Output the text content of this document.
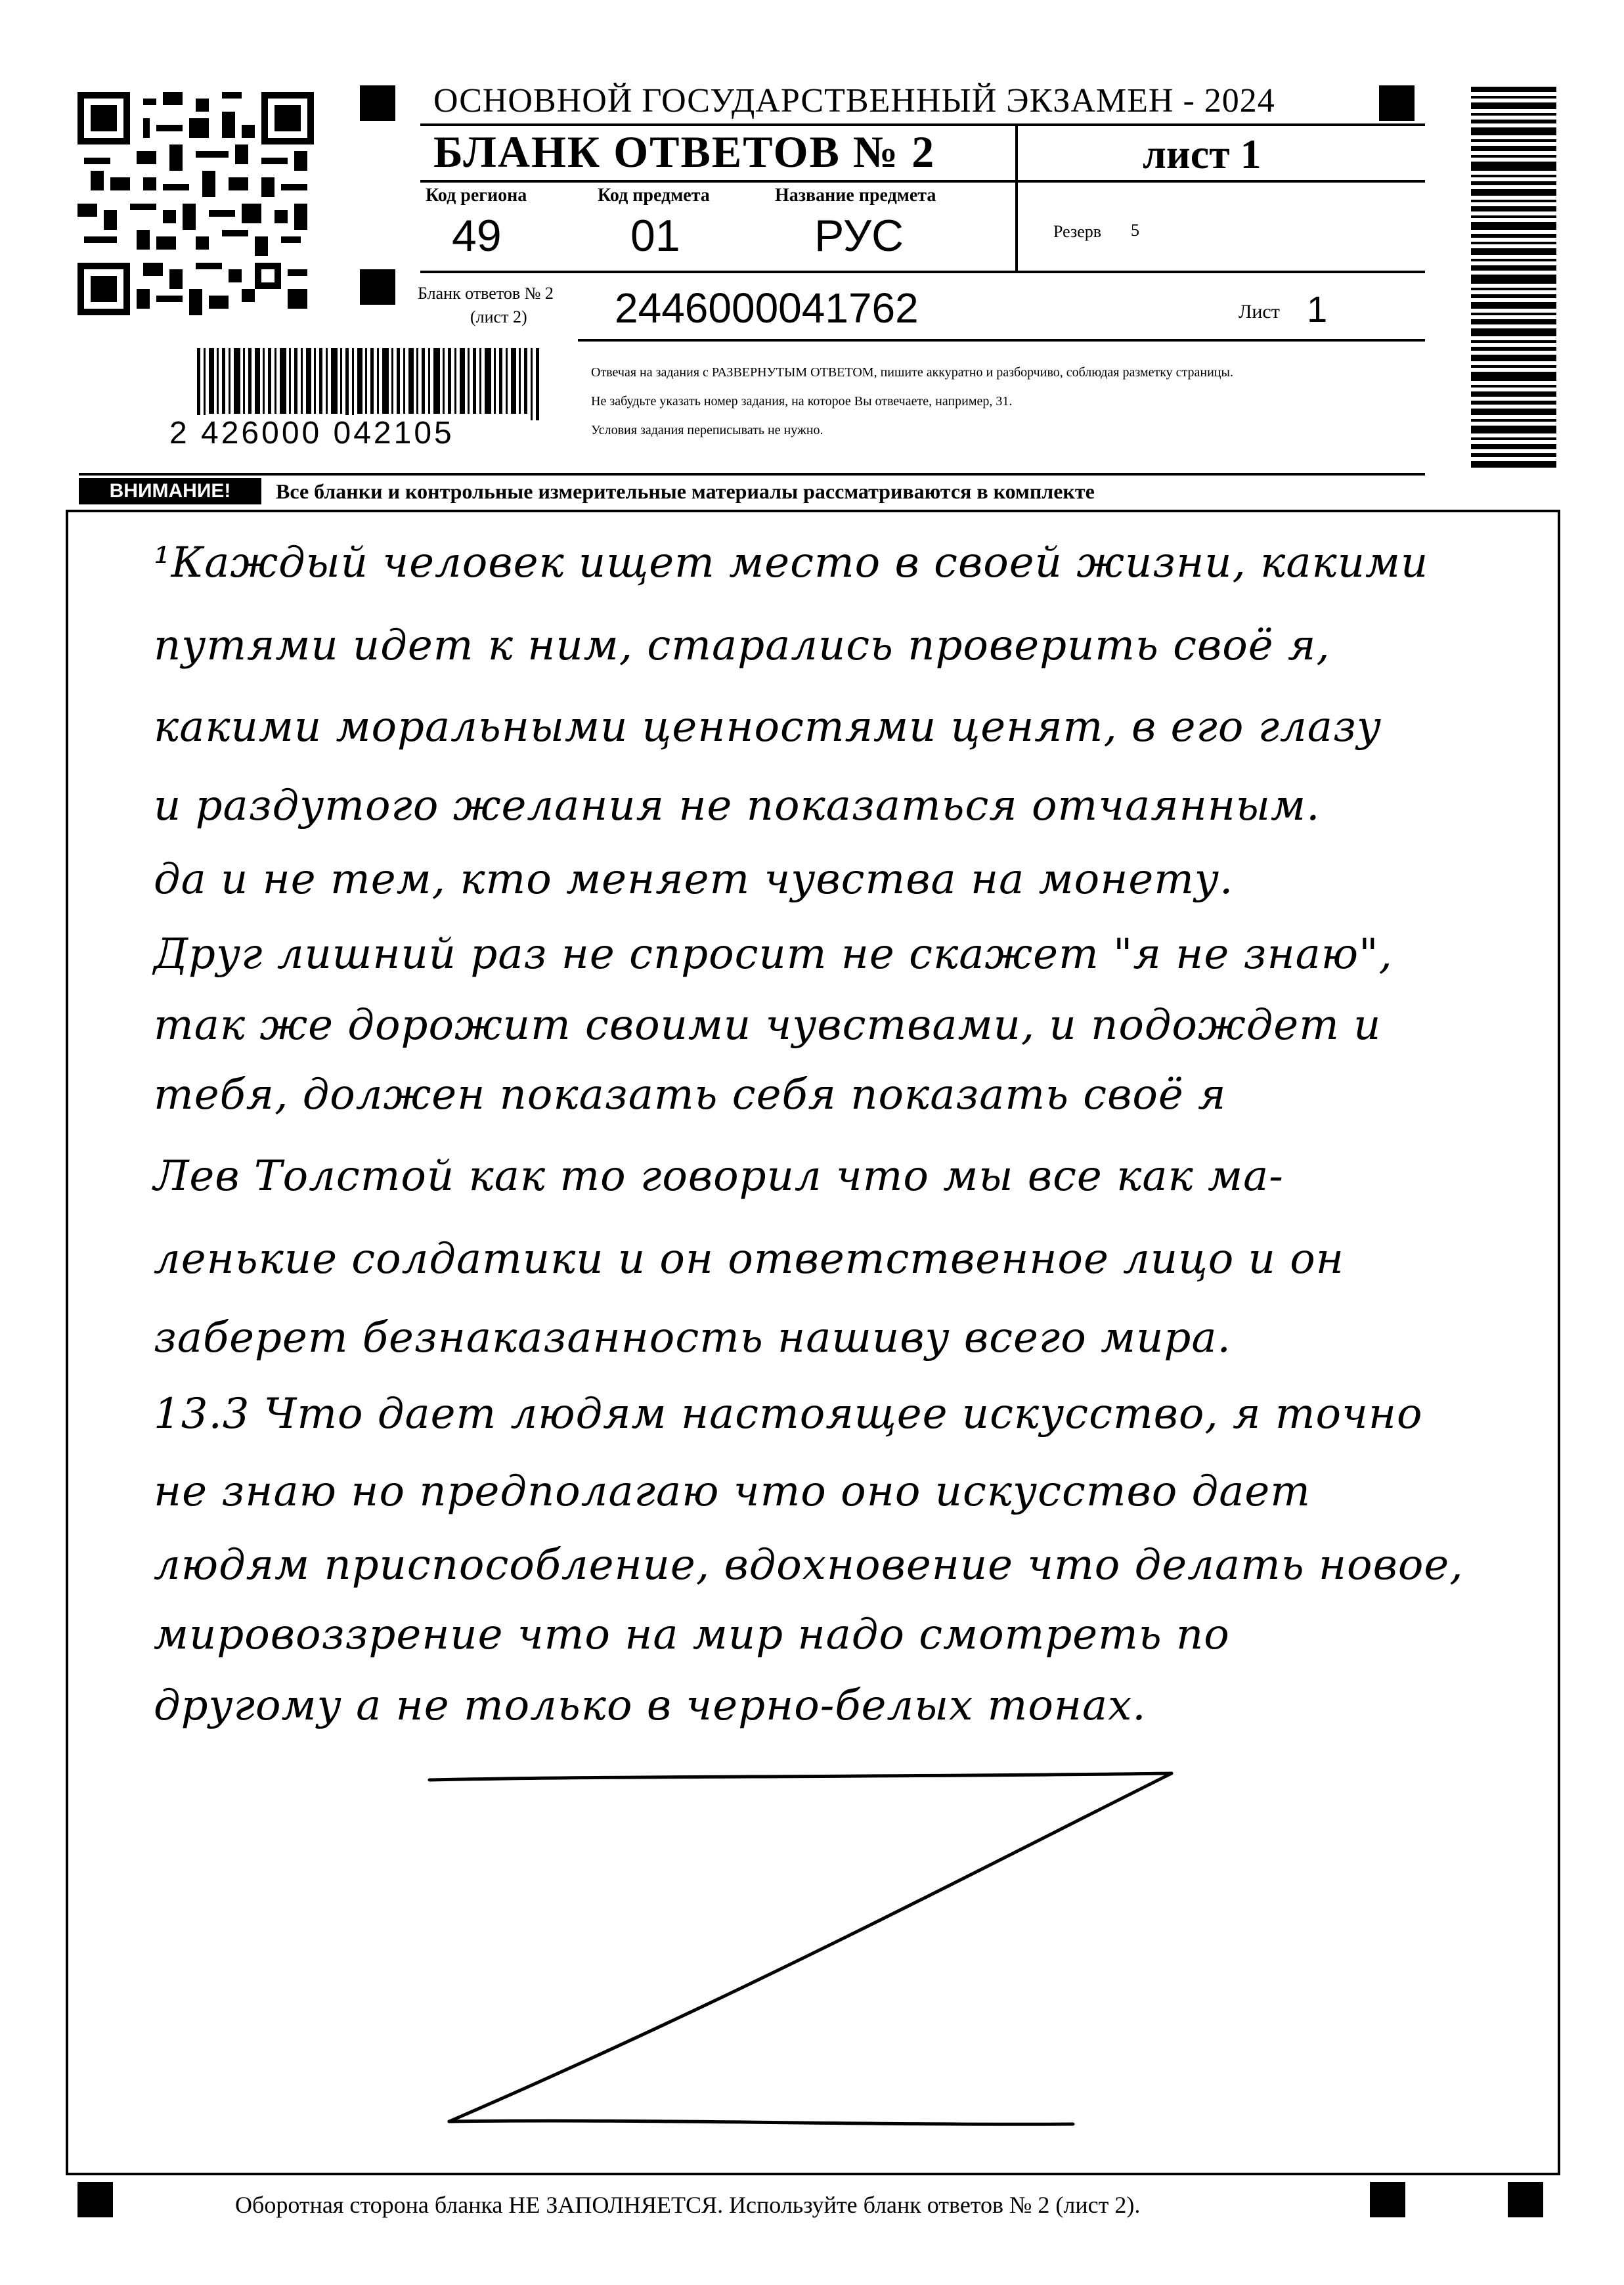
2 426000 042105
ОСНОВНОЙ ГОСУДАРСТВЕННЫЙ ЭКЗАМЕН - 2024
БЛАНК ОТВЕТОВ № 2	лист 1
Код региона
49
Код предмета
01
Название предмета
РУС	Резерв 5
Бланк ответов № 2
(лист 2) 2446000041762	Лист 1
Отвечая на задания с РАЗВЕРНУТЫМ ОТВЕТОМ, пишите аккуратно и разборчиво, соблюдая разметку страницы.
Не забудьте указать номер задания, на которое Вы отвечаете, например, 31.
Условия задания переписывать не нужно.
ВНИМАНИЕ!	Все бланки и контрольные измерительные материалы рассматриваются в комплекте
¹Каждый человек ищет место в своей жизни, какими
путями идет к ним, старались проверить своё я,
какими моральными ценностями ценят, в его глазу
и раздутого желания не показаться отчаянным.
да и не тем, кто меняет чувства на монету.
Друг лишний раз не спросит не скажет "я не знаю",
так же дорожит своими чувствами, и подождет и
тебя, должен показать себя показать своё я
Лев Толстой как то говорил что мы все как ма-
ленькие солдатики и он ответственное лицо и он
заберет безнаказанность нашиву всего мира.
13.3 Что дает людям настоящее искусство, я точно
не знаю но предполагаю что оно искусство дает
людям приспособление, вдохновение что делать новое,
мировоззрение что на мир надо смотреть по
другому а не только в черно-белых тонах.
Оборотная сторона бланка НЕ ЗАПОЛНЯЕТСЯ. Используйте бланк ответов № 2 (лист 2).
